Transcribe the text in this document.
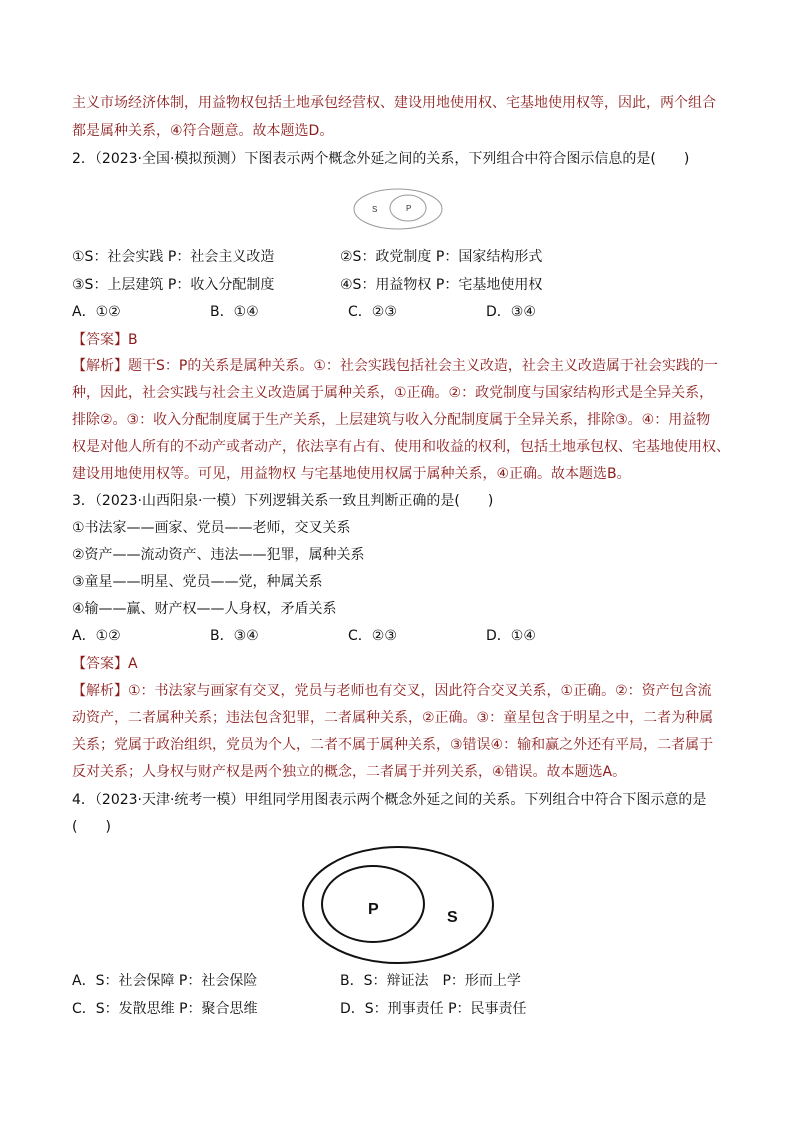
主义市场经济体制，用益物权包括土地承包经营权、建设用地使用权、宅基地使用权等，因此，两个组合
都是属种关系，④符合题意。故本题选D。
2．（2023·全国·模拟预测）下图表示两个概念外延之间的关系，下列组合中符合图示信息的是(　　)
S	P
①S：社会实践 P：社会主义改造	②S：政党制度 P：国家结构形式
③S：上层建筑 P：收入分配制度	④S：用益物权 P：宅基地使用权
A．①②	B．①④	C．②③	D．③④
【答案】B
【解析】题干S：P的关系是属种关系。①：社会实践包括社会主义改造，社会主义改造属于社会实践的一
种，因此，社会实践与社会主义改造属于属种关系，①正确。②：政党制度与国家结构形式是全异关系，
排除②。③：收入分配制度属于生产关系，上层建筑与收入分配制度属于全异关系，排除③。④：用益物
权是对他人所有的不动产或者动产，依法享有占有、使用和收益的权利，包括土地承包权、宅基地使用权、
建设用地使用权等。可见，用益物权 与宅基地使用权属于属种关系，④正确。故本题选B。
3．（2023·山西阳泉·一模）下列逻辑关系一致且判断正确的是(　　)
①书法家——画家、党员——老师，交叉关系
②资产——流动资产、违法——犯罪，属种关系
③童星——明星、党员——党，种属关系
④输——赢、财产权——人身权，矛盾关系
A．①②	B．③④	C．②③	D．①④
【答案】A
【解析】①：书法家与画家有交叉，党员与老师也有交叉，因此符合交叉关系，①正确。②：资产包含流
动资产，二者属种关系；违法包含犯罪，二者属种关系，②正确。③：童星包含于明星之中，二者为种属
关系；党属于政治组织，党员为个人，二者不属于属种关系，③错误④：输和赢之外还有平局，二者属于
反对关系；人身权与财产权是两个独立的概念，二者属于并列关系，④错误。故本题选A。
4．（2023·天津·统考一模）甲组同学用图表示两个概念外延之间的关系。下列组合中符合下图示意的是
(　　)
P	S
A．S：社会保障 P：社会保险	B．S：辩证法　P：形而上学
C．S：发散思维 P：聚合思维	D．S：刑事责任 P：民事责任
